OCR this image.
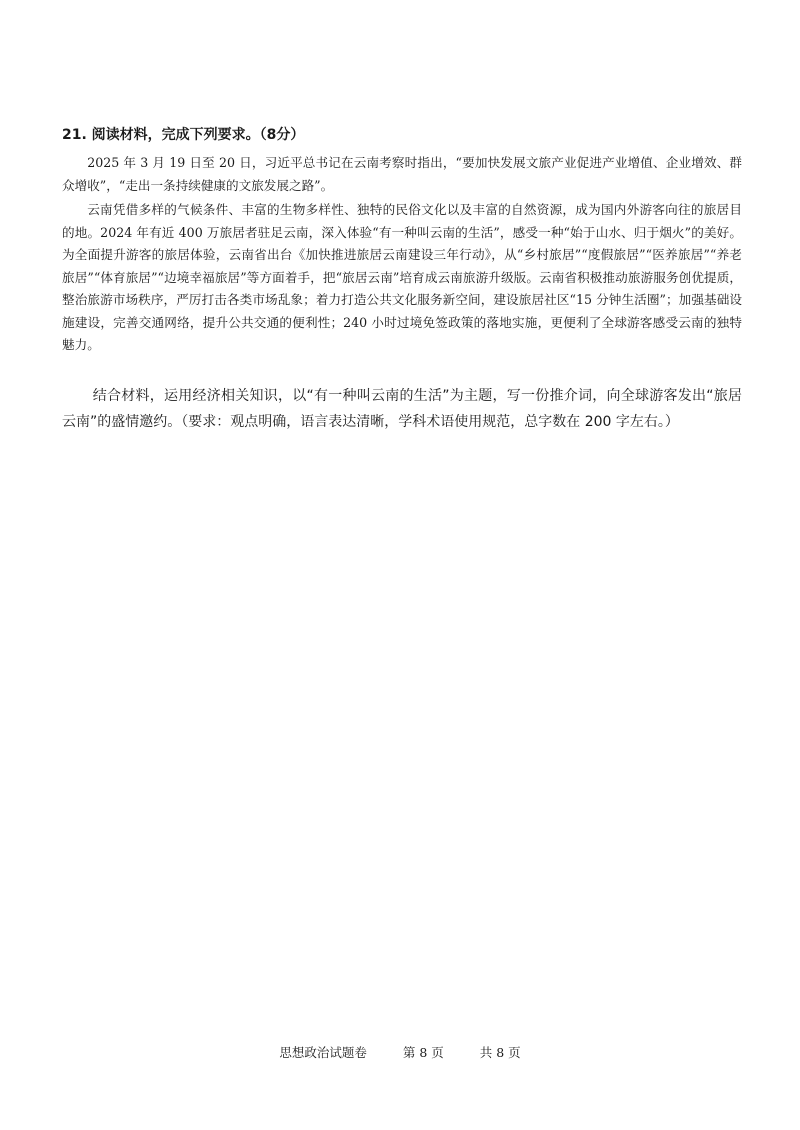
21. 阅读材料，完成下列要求。（8分）

2025 年 3 月 19 日至 20 日，习近平总书记在云南考察时指出，“要加快发展文旅产业促进产业增值、企业增效、群众增收”，“走出一条持续健康的文旅发展之路”。

云南凭借多样的气候条件、丰富的生物多样性、独特的民俗文化以及丰富的自然资源，成为国内外游客向往的旅居目的地。2024 年有近 400 万旅居者驻足云南，深入体验“有一种叫云南的生活”，感受一种“始于山水、归于烟火”的美好。为全面提升游客的旅居体验，云南省出台《加快推进旅居云南建设三年行动》，从“乡村旅居”“度假旅居”“医养旅居”“养老旅居”“体育旅居”“边境幸福旅居”等方面着手，把“旅居云南”培育成云南旅游升级版。云南省积极推动旅游服务创优提质，整治旅游市场秩序，严厉打击各类市场乱象；着力打造公共文化服务新空间，建设旅居社区“15 分钟生活圈”；加强基础设施建设，完善交通网络，提升公共交通的便利性；240 小时过境免签政策的落地实施，更便利了全球游客感受云南的独特魅力。

结合材料，运用经济相关知识，以“有一种叫云南的生活”为主题，写一份推介词，向全球游客发出“旅居云南”的盛情邀约。（要求：观点明确，语言表达清晰，学科术语使用规范，总字数在 200 字左右。）

思想政治试题卷	第 8 页	共 8 页
